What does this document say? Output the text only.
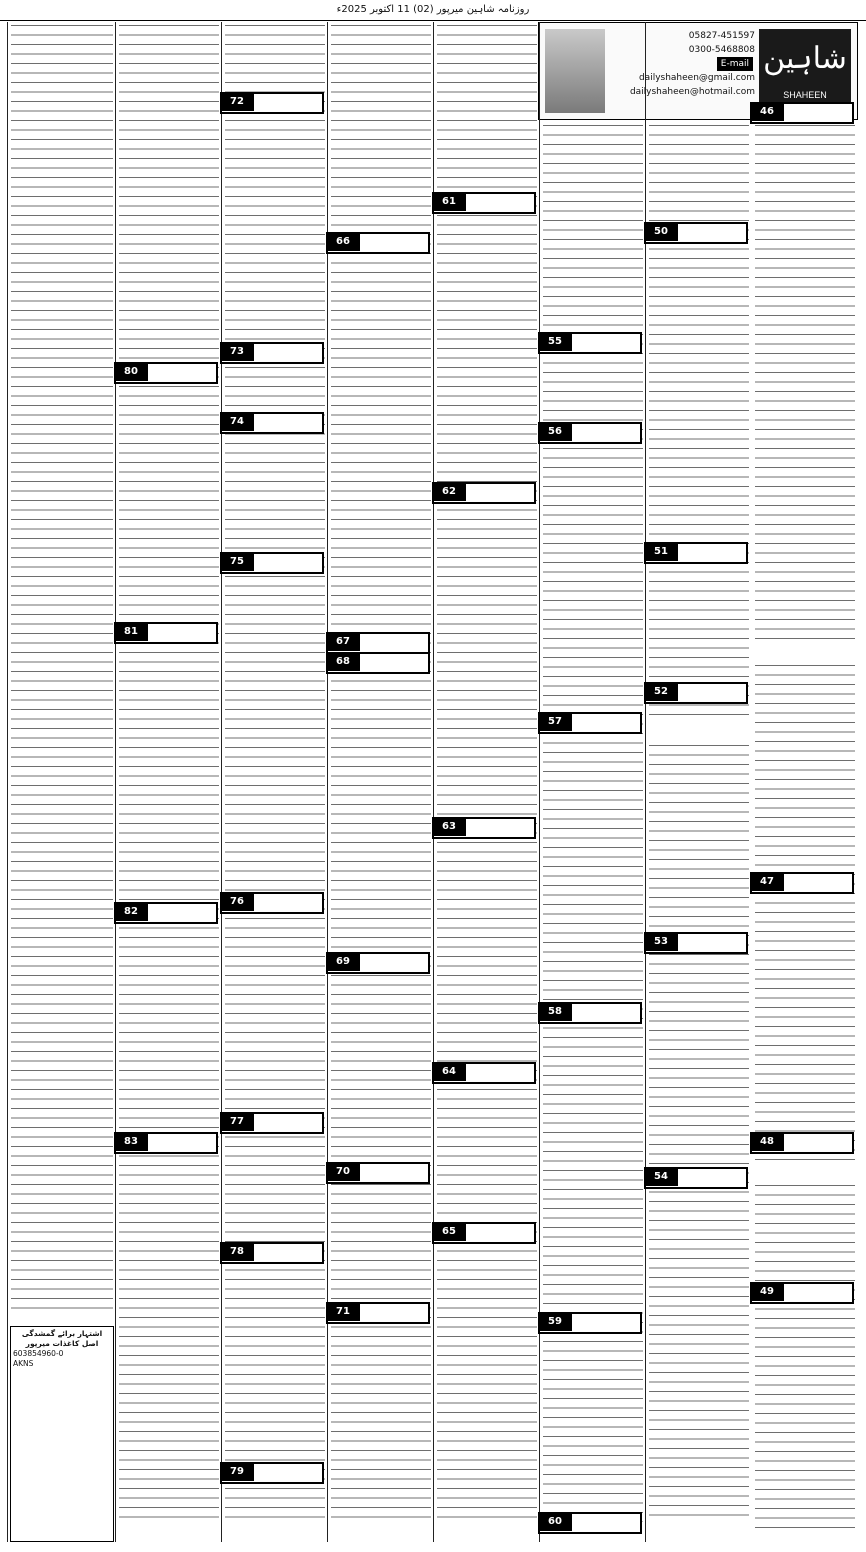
روزنامہ شاہین میرپور (02) 11 اکتوبر 2025ء
شاہین
SHAHEEN
05827-451597
0300-5468808
E-mail
dailyshaheen@gmail.com
dailyshaheen@hotmail.com
اشتہار برائے گمشدگی اصل کاغذات میرپور
603854960-0
AKNS
46
47
48
49
50
51
52
53
54
55
56
57
58
59
60
61
62
63
64
65
66
67
68
69
70
71
72
73
74
75
76
77
78
79
80
81
82
83
